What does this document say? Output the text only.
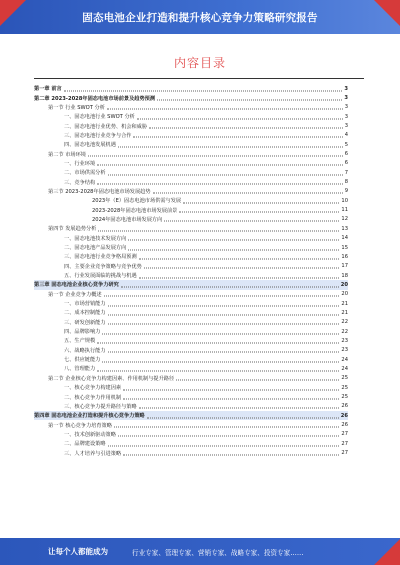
固态电池企业打造和提升核心竞争力策略研究报告
内容目录
第一章 前言	3
第二章 2023-2028年固态电池市场前景及趋势预测	3
第一节 行业 SWOT 分析	3
一、固态电池行业 SWOT 分析	3
二、固态电池行业优势、机会和威胁	3
三、固态电池行业竞争与合作	4
四、固态电池发展机遇	5
第二节 市场环境	6
一、行业环境	6
二、市场供需分析	7
三、竞争结构	8
第三节 2023-2028年固态电池市场发展趋势	9
2023年（E）固态电池市场供需与发展	10
2023-2028年固态电池市场发展前景	11
2024年固态电池市场发展方向	12
第四节 发展趋势分析	13
一、固态电池技术发展方向	14
二、固态电池产品发展方向	15
三、固态电池行业竞争格局预测	16
四、主要企业竞争策略与竞争优势	17
五、行业发展面临的挑战与机遇	18
第三章 固态电池企业核心竞争力研究	20
第一节 企业竞争力概述	20
一、市场营销能力	21
二、成本控制能力	21
三、研发创新能力	22
四、品牌影响力	22
五、生产规模	23
六、战略执行能力	23
七、供应链能力	24
八、管理能力	24
第二节 企业核心竞争力构建因素、作用机制与提升路径	25
一、核心竞争力构建因素	25
二、核心竞争力作用机制	25
三、核心竞争力提升路径与策略	26
第四章 固态电池企业打造和提升核心竞争力策略	26
第一节 核心竞争力培育策略	26
一、技术创新驱动策略	27
二、品牌建设策略	27
三、人才培养与引进策略	27
让每个人都能成为	行业专家、管理专家、营销专家、战略专家、投资专家……
